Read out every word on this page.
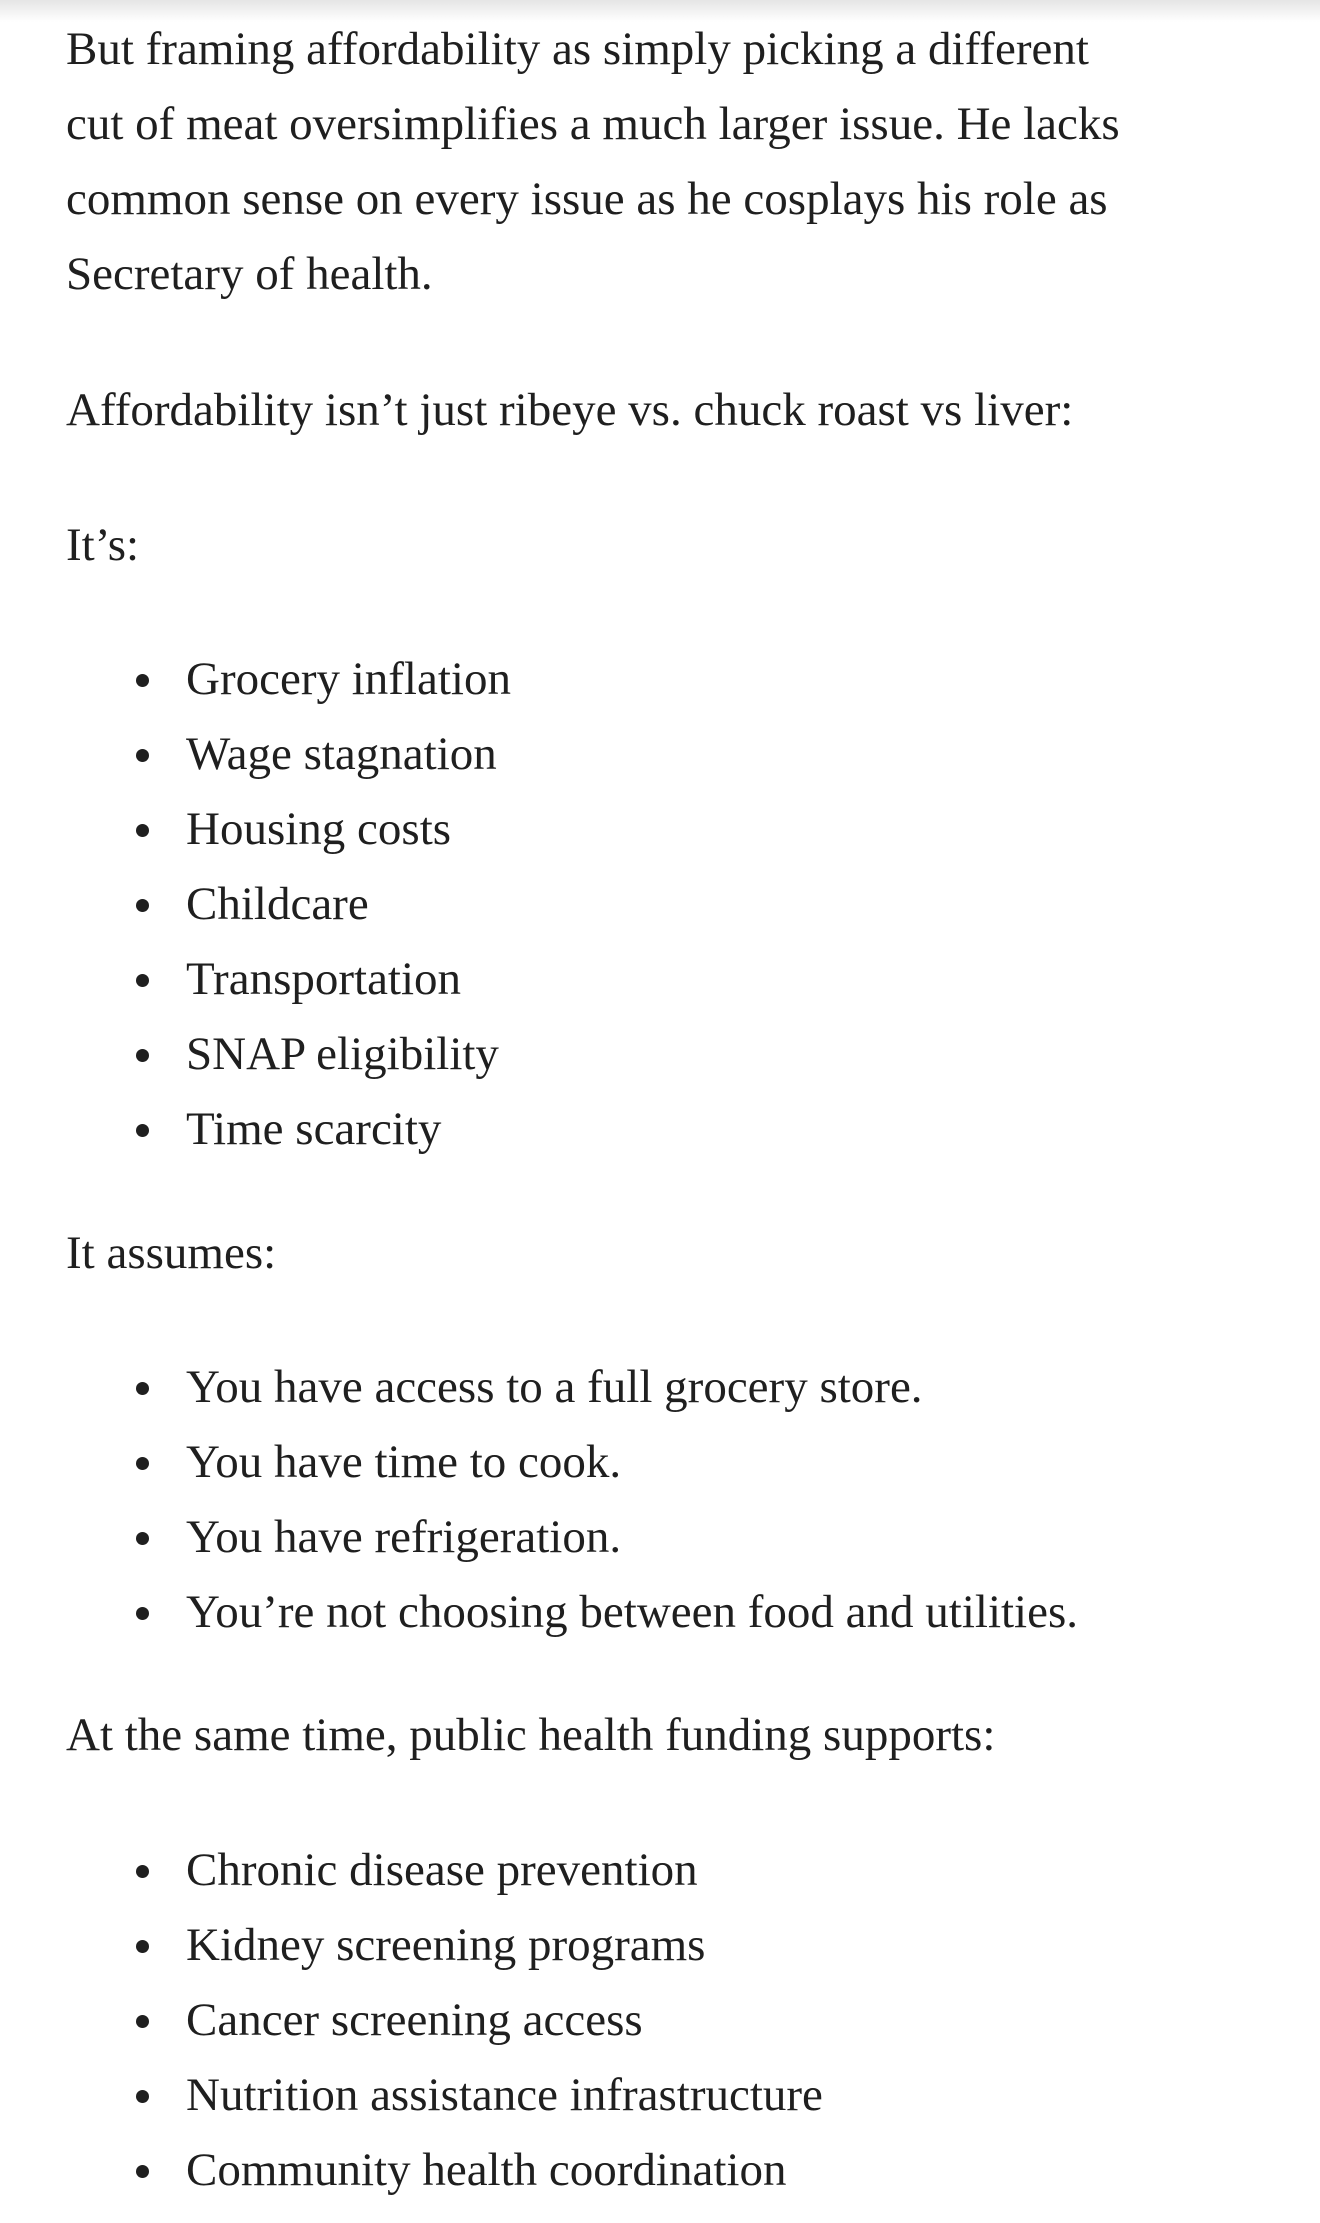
But framing affordability as simply picking a different
cut of meat oversimplifies a much larger issue. He lacks
common sense on every issue as he cosplays his role as
Secretary of health.

Affordability isn’t just ribeye vs. chuck roast vs liver:

It’s:

Grocery inflation
Wage stagnation
Housing costs
Childcare
Transportation
SNAP eligibility
Time scarcity

It assumes:

You have access to a full grocery store.
You have time to cook.
You have refrigeration.
You’re not choosing between food and utilities.

At the same time, public health funding supports:

Chronic disease prevention
Kidney screening programs
Cancer screening access
Nutrition assistance infrastructure
Community health coordination
